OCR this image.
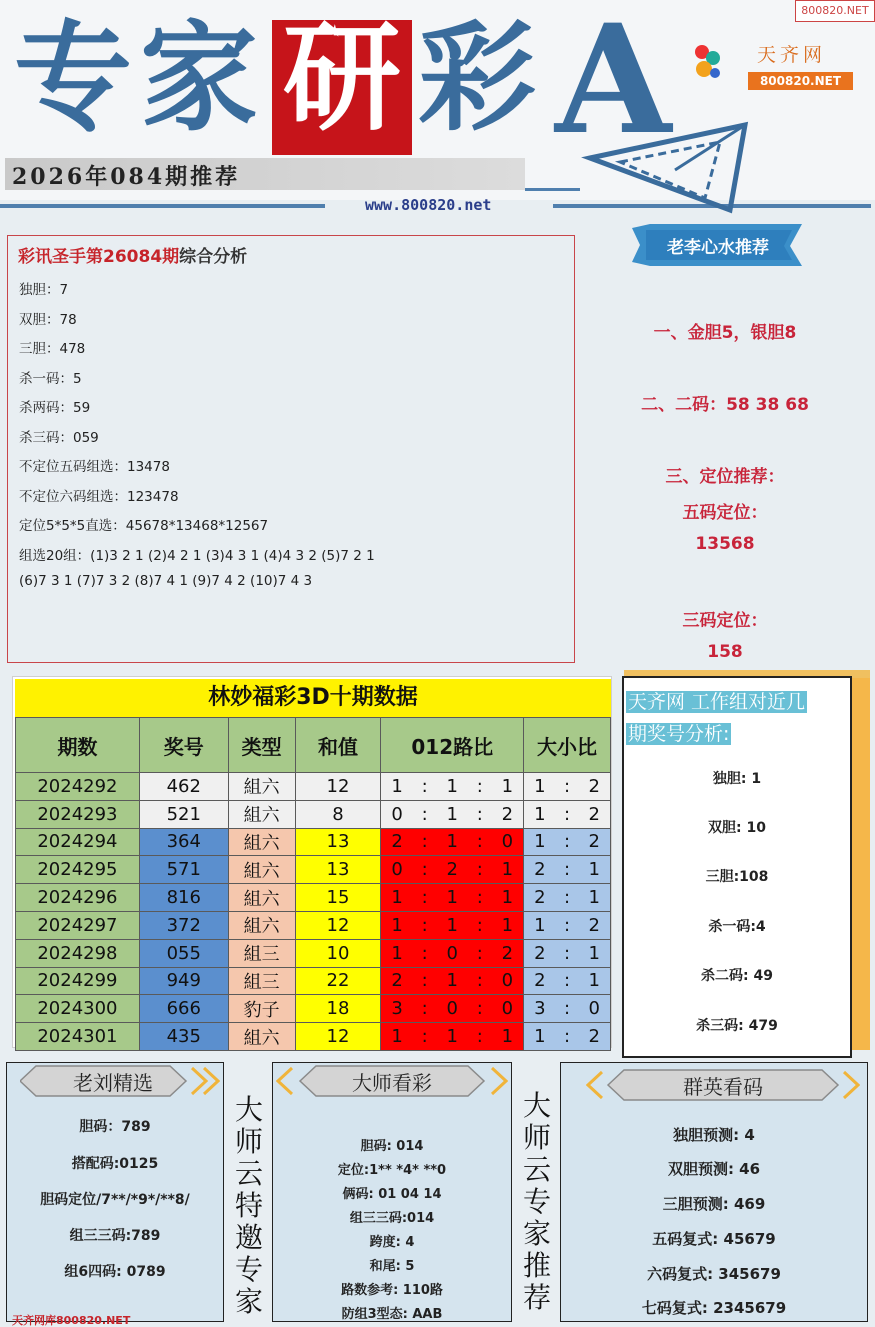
专 家 研 彩 A	800820.NET
天齐网
800820.NET
2026年084期推荐
www.800820.net
彩讯圣手第26084期综合分析
独胆：7
双胆：78
三胆：478
杀一码：5
杀两码：59
杀三码：059
不定位五码组选：13478
不定位六码组选：123478
定位5*5*5直选：45678*13468*12567
组选20组：(1)3 2 1 (2)4 2 1 (3)4 3 1 (4)4 3 2 (5)7 2 1
(6)7 3 1 (7)7 3 2 (8)7 4 1 (9)7 4 2 (10)7 4 3
老李心水推荐
一、金胆5，银胆8
二、二码：58 38 68
三、定位推荐：
五码定位：
13568
三码定位：
158
林妙福彩3D十期数据
期数	奖号	类型	和值	012路比	大小比
2024292	462	組六	12	1 : 1 : 1	1 : 2
2024293	521	組六	8	0 : 1 : 2	1 : 2
2024294	364	組六	13	2 : 1 : 0	1 : 2
2024295	571	組六	13	0 : 2 : 1	2 : 1
2024296	816	組六	15	1 : 1 : 1	2 : 1
2024297	372	組六	12	1 : 1 : 1	1 : 2
2024298	055	組三	10	1 : 0 : 2	2 : 1
2024299	949	組三	22	2 : 1 : 0	2 : 1
2024300	666	豹子	18	3 : 0 : 0	3 : 0
2024301	435	組六	12	1 : 1 : 1	1 : 2
天齐网 工作组对近几
期奖号分析:
独胆: 1
双胆: 10
三胆:108
杀一码:4
杀二码: 49
杀三码: 479
老刘精选
胆码：789
搭配码:0125
胆码定位/7**/*9*/**8/
组三三码:789
组6四码: 0789
大
师
云
特
邀
专
家
大师看彩
胆码: 014
定位:1** *4* **0
俩码: 01 04 14
组三三码:014
跨度: 4
和尾: 5
路数参考: 110路
防组3型态: AAB
大
师
云
专
家
推
荐
群英看码
独胆预测: 4
双胆预测: 46
三胆预测: 469
五码复式: 45679
六码复式: 345679
七码复式: 2345679
天齐网库800820.NET
